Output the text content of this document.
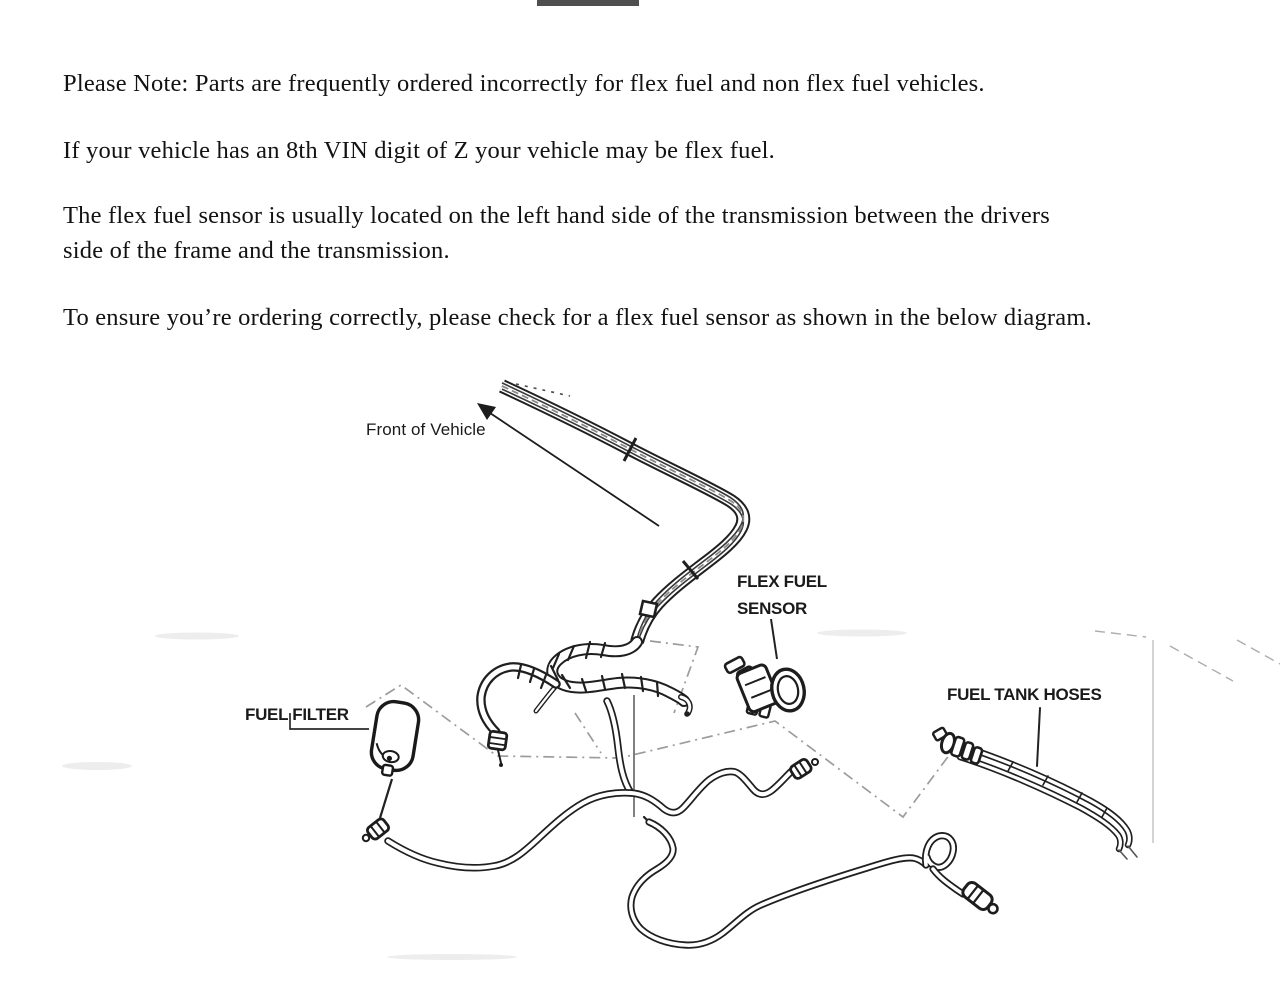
Please Note: Parts are frequently ordered incorrectly for flex fuel and non flex fuel vehicles.
If your vehicle has an 8th VIN digit of Z your vehicle may be flex fuel.
The flex fuel sensor is usually located on the left hand side of the transmission between the drivers
side of the frame and the transmission.
To ensure you’re ordering correctly, please check for a flex fuel sensor as shown in the below diagram.
Front of Vehicle
FLEX FUEL
SENSOR
FUEL FILTER
FUEL TANK HOSES
